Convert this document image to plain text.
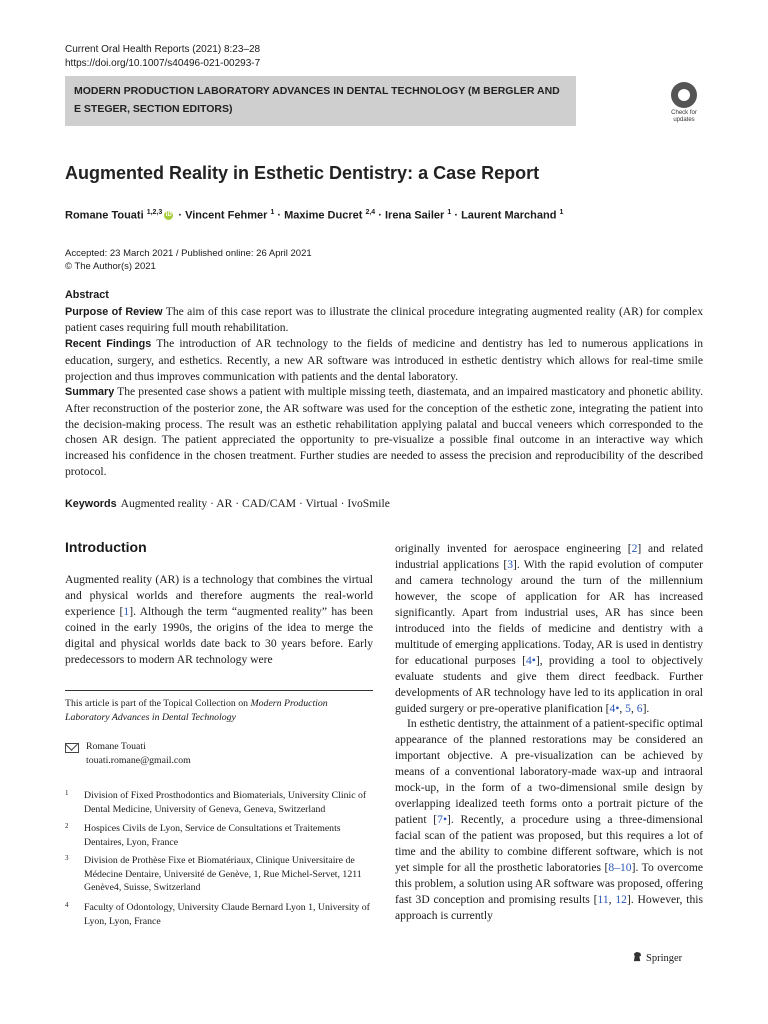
Current Oral Health Reports (2021) 8:23–28
https://doi.org/10.1007/s40496-021-00293-7
MODERN PRODUCTION LABORATORY ADVANCES IN DENTAL TECHNOLOGY (M BERGLER AND E STEGER, SECTION EDITORS)	Check for
updates
Augmented Reality in Esthetic Dentistry: a Case Report
Romane Touati $^{1,2,3}$ iD · Vincent Fehmer $^1$ · Maxime Ducret $^{2,4}$ · Irena Sailer $^1$ · Laurent Marchand $^1$
Accepted: 23 March 2021 / Published online: 26 April 2021
© The Author(s) 2021
Abstract

Purpose of Review The aim of this case report was to illustrate the clinical procedure integrating augmented reality (AR) for complex patient cases requiring full mouth rehabilitation.

Recent Findings The introduction of AR technology to the fields of medicine and dentistry has led to numerous applications in education, surgery, and esthetics. Recently, a new AR software was introduced in esthetic dentistry which allows for real-time smile projection and thus improves communication with patients and the dental laboratory.

Summary The presented case shows a patient with multiple missing teeth, diastemata, and an impaired masticatory and phonetic ability. After reconstruction of the posterior zone, the AR software was used for the conception of the esthetic zone, integrating the patient into the decision-making process. The result was an esthetic rehabilitation applying palatal and buccal veneers which corresponded to the chosen AR design. The patient appreciated the opportunity to pre-visualize a possible final outcome in an interactive way which increased his confidence in the chosen treatment. Further studies are needed to assess the precision and reproducibility of the described protocol.

Keywords Augmented reality · AR · CAD/CAM · Virtual · IvoSmile
Introduction

Augmented reality (AR) is a technology that combines the virtual and physical worlds and therefore augments the real-world experience [1]. Although the term “augmented reality” has been coined in the early 1990s, the origins of the idea to merge the digital and physical worlds date back to 30 years before. Early predecessors to modern AR technology were

This article is part of the Topical Collection on Modern Production Laboratory Advances in Dental Technology
Romane Touati
touati.romane@gmail.com
1 Division of Fixed Prosthodontics and Biomaterials, University Clinic of Dental Medicine, University of Geneva, Geneva, Switzerland
2 Hospices Civils de Lyon, Service de Consultations et Traitements Dentaires, Lyon, France
3 Division de Prothèse Fixe et Biomatériaux, Clinique Universitaire de Médecine Dentaire, Université de Genève, 1, Rue Michel-Servet, 1211 Genève4, Suisse, Switzerland
4 Faculty of Odontology, University Claude Bernard Lyon 1, University of Lyon, Lyon, France

originally invented for aerospace engineering [2] and related industrial applications [3]. With the rapid evolution of computer and camera technology around the turn of the millennium however, the scope of application for AR has increased significantly. Apart from industrial uses, AR has since been introduced into the fields of medicine and dentistry with a multitude of emerging applications. Today, AR is used in dentistry for educational purposes [4•], providing a tool to objectively evaluate students and give them direct feedback. Further developments of AR technology have led to its application in oral guided surgery or pre-operative planification [4•, 5, 6].

In esthetic dentistry, the attainment of a patient-specific optimal appearance of the planned restorations may be considered an important objective. A pre-visualization can be achieved by means of a conventional laboratory-made wax-up and intraoral mock-up, in the form of a two-dimensional smile design by overlapping idealized teeth forms onto a portrait picture of the patient [7•]. Recently, a procedure using a three-dimensional facial scan of the patient was proposed, but this requires a lot of time and the ability to combine different software, which is not yet simple for all the prosthetic laboratories [8–10]. To overcome this problem, a solution using AR software was proposed, offering fast 3D conception and promising results [11, 12]. However, this approach is currently

Springer
